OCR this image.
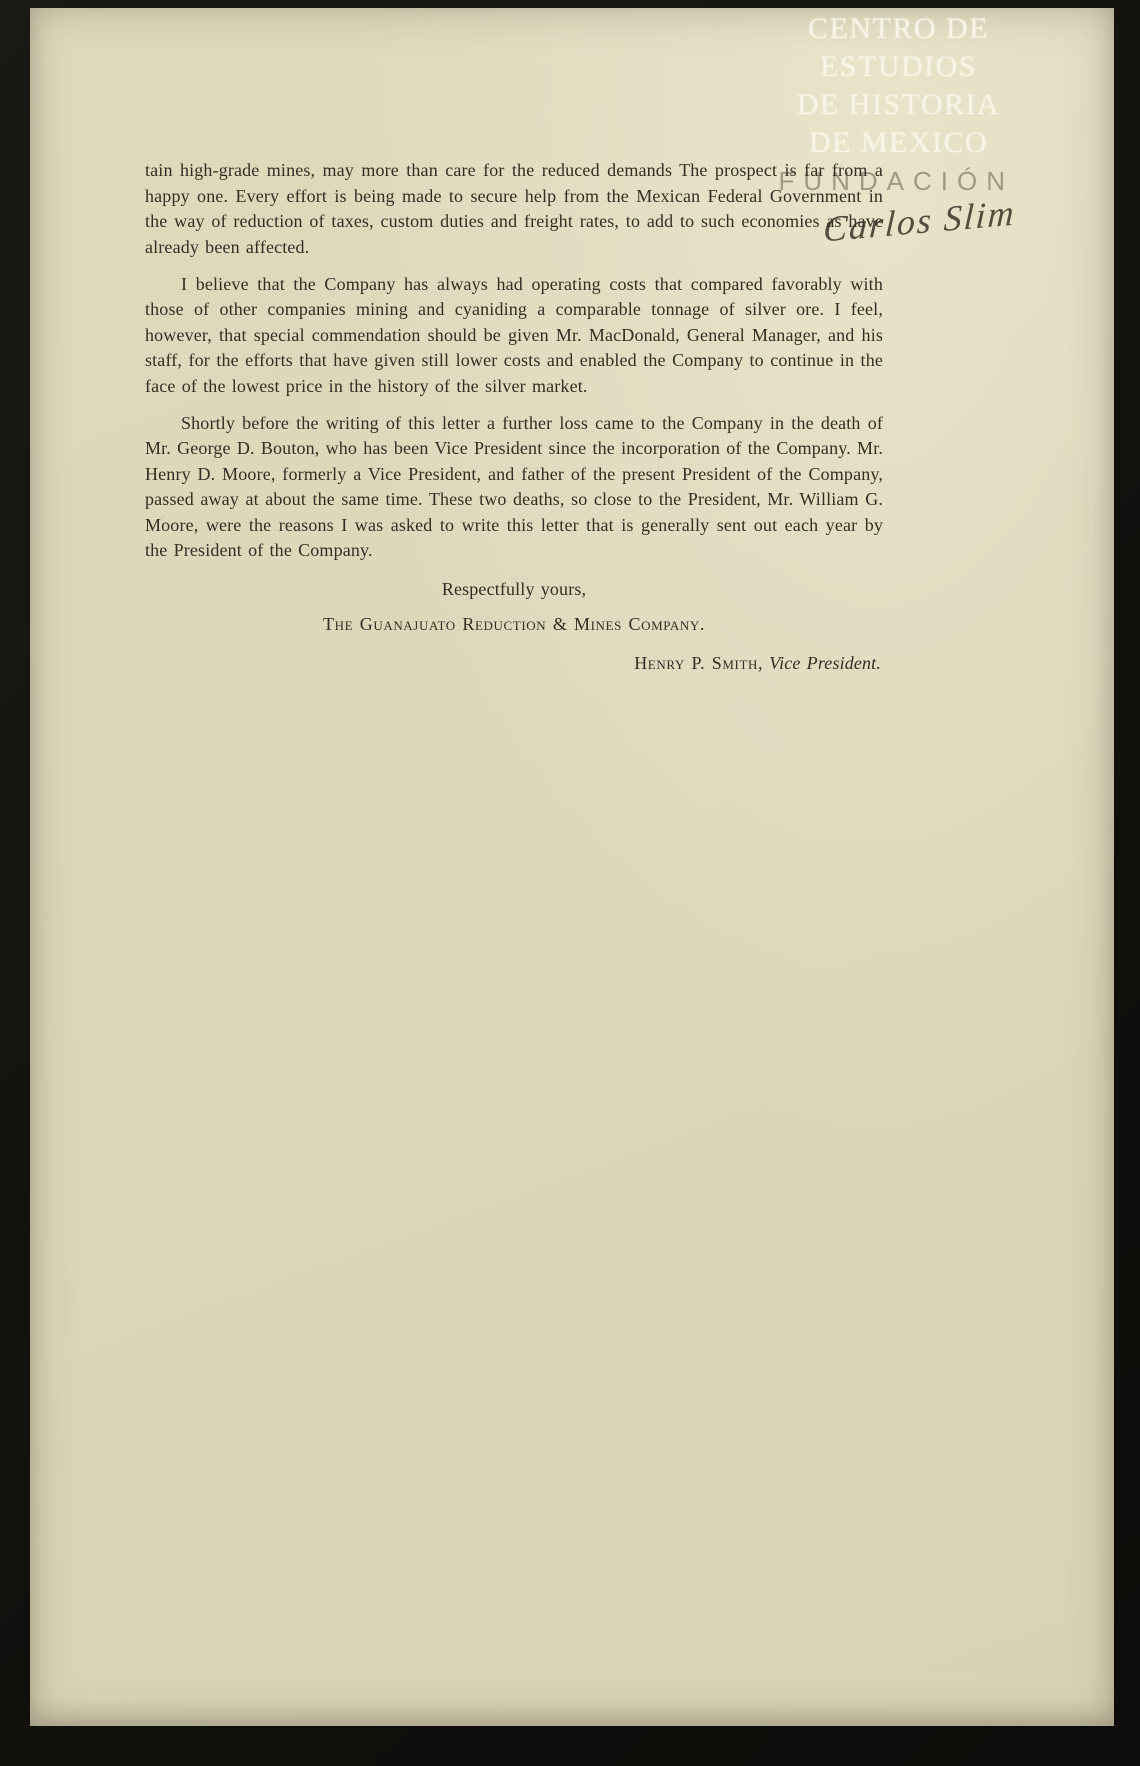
CENTRO DE
ESTUDIOS
DE HISTORIA
DE MEXICO
FUNDACIÓN
Carlos Slim

tain high-grade mines, may more than care for the reduced demands The prospect is far from a happy one. Every effort is being made to secure help from the Mexican Federal Government in the way of reduction of taxes, custom duties and freight rates, to add to such economies as have already been affected.

I believe that the Company has always had operating costs that compared favorably with those of other companies mining and cyaniding a comparable tonnage of silver ore. I feel, however, that special commendation should be given Mr. MacDonald, General Manager, and his staff, for the efforts that have given still lower costs and enabled the Company to continue in the face of the lowest price in the history of the silver market.

Shortly before the writing of this letter a further loss came to the Company in the death of Mr. George D. Bouton, who has been Vice President since the incorporation of the Company. Mr. Henry D. Moore, formerly a Vice President, and father of the present President of the Company, passed away at about the same time. These two deaths, so close to the President, Mr. William G. Moore, were the reasons I was asked to write this letter that is generally sent out each year by the President of the Company.

Respectfully yours,
The Guanajuato Reduction & Mines Company.
Henry P. Smith, Vice President.
